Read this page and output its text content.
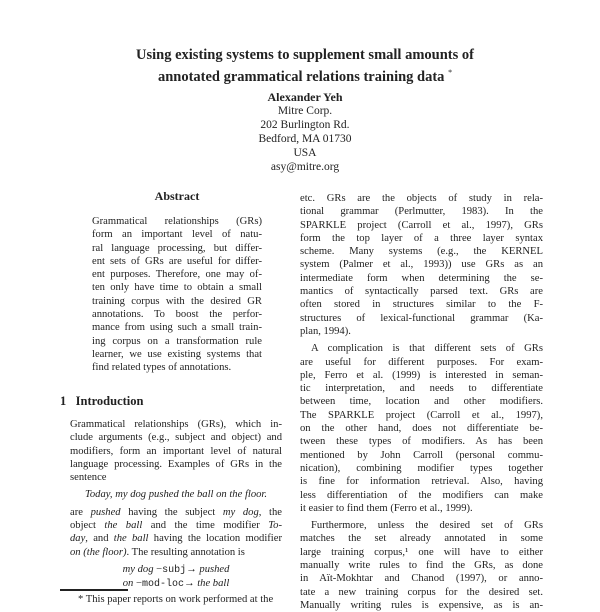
Using existing systems to supplement small amounts of
annotated grammatical relations training data *
Alexander Yeh
Mitre Corp.
202 Burlington Rd.
Bedford, MA 01730
USA
asy@mitre.org
Abstract
Grammatical relationships (GRs)
form an important level of natu-
ral language processing, but differ-
ent sets of GRs are useful for differ-
ent purposes. Therefore, one may of-
ten only have time to obtain a small
training corpus with the desired GR
annotations. To boost the perfor-
mance from using such a small train-
ing corpus on a transformation rule
learner, we use existing systems that
find related types of annotations.
1   Introduction
Grammatical relationships (GRs), which in-
clude arguments (e.g., subject and object) and
modifiers, form an important level of natural
language processing. Examples of GRs in the
sentence
Today, my dog pushed the ball on the floor.
are pushed having the subject my dog, the
object the ball and the time modifier To-
day, and the ball having the location modifier
on (the floor). The resulting annotation is
my dog −subj→ pushed
on −mod-loc→ the ball
* This paper reports on work performed at the
etc. GRs are the objects of study in rela-
tional grammar (Perlmutter, 1983). In the
SPARKLE project (Carroll et al., 1997), GRs
form the top layer of a three layer syntax
scheme. Many systems (e.g., the KERNEL
system (Palmer et al., 1993)) use GRs as an
intermediate form when determining the se-
mantics of syntactically parsed text. GRs are
often stored in structures similar to the F-
structures of lexical-functional grammar (Ka-
plan, 1994).
A complication is that different sets of GRs
are useful for different purposes. For exam-
ple, Ferro et al. (1999) is interested in seman-
tic interpretation, and needs to differentiate
between time, location and other modifiers.
The SPARKLE project (Carroll et al., 1997),
on the other hand, does not differentiate be-
tween these types of modifiers. As has been
mentioned by John Carroll (personal commu-
nication), combining modifier types together
is fine for information retrieval. Also, having
less differentiation of the modifiers can make
it easier to find them (Ferro et al., 1999).
Furthermore, unless the desired set of GRs
matches the set already annotated in some
large training corpus,¹ one will have to either
manually write rules to find the GRs, as done
in Aït-Mokhtar and Chanod (1997), or anno-
tate a new training corpus for the desired set.
Manually writing rules is expensive, as is an-
